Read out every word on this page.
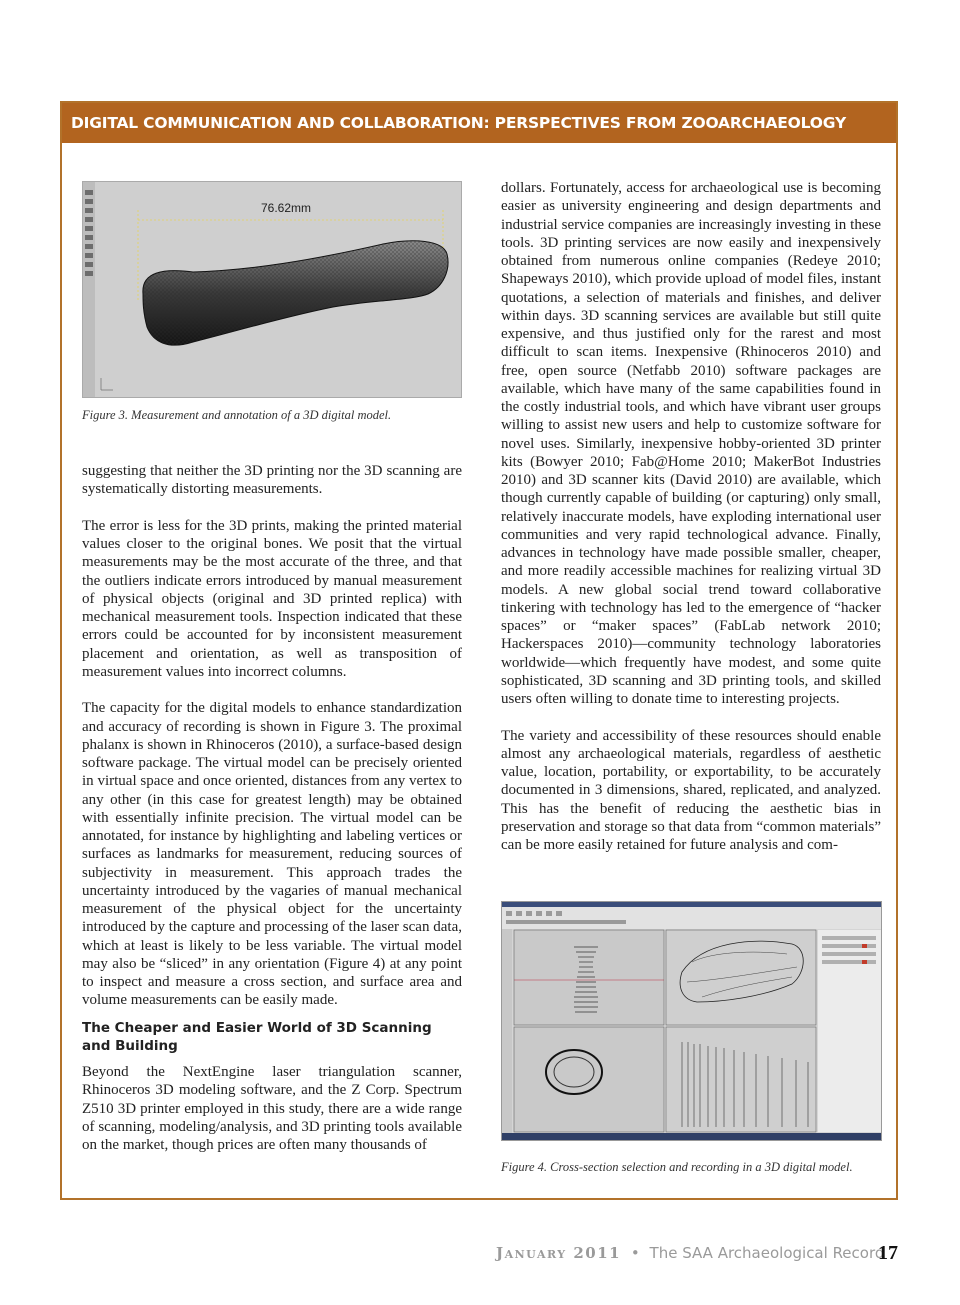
DIGITAL COMMUNICATION AND COLLABORATION: PERSPECTIVES FROM ZOOARCHAEOLOGY
76.62mm
Figure 3. Measurement and annotation of a 3D digital model.

suggesting that neither the 3D printing nor the 3D scanning are systematically distorting measurements.

The error is less for the 3D prints, making the printed material values closer to the original bones. We posit that the virtual measurements may be the most accurate of the three, and that the outliers indicate errors introduced by manual measurement of physical objects (original and 3D printed replica) with mechanical measurement tools. Inspection indicated that these errors could be accounted for by inconsistent measurement placement and orientation, as well as transposition of measurement values into incorrect columns.

The capacity for the digital models to enhance standardization and accuracy of recording is shown in Figure 3. The proximal phalanx is shown in Rhinoceros (2010), a surface-based design software package. The virtual model can be precisely oriented in virtual space and once oriented, distances from any vertex to any other (in this case for greatest length) may be obtained with essentially infinite precision. The virtual model can be annotated, for instance by highlighting and labeling vertices or surfaces as landmarks for measurement, reducing sources of subjectivity in measurement. This approach trades the uncertainty introduced by the vagaries of manual mechanical measurement of the physical object for the uncertainty introduced by the capture and processing of the laser scan data, which at least is likely to be less variable. The virtual model may also be “sliced” in any orientation (Figure 4) at any point to inspect and measure a cross section, and surface area and volume measurements can be easily made.

The Cheaper and Easier World of 3D Scanning and Building

Beyond the NextEngine laser triangulation scanner, Rhinoceros 3D modeling software, and the Z Corp. Spectrum Z510 3D printer employed in this study, there are a wide range of scanning, modeling/analysis, and 3D printing tools available on the market, though prices are often many thousands of

dollars. Fortunately, access for archaeological use is becoming easier as university engineering and design departments and industrial service companies are increasingly investing in these tools. 3D printing services are now easily and inexpensively obtained from numerous online companies (Redeye 2010; Shapeways 2010), which provide upload of model files, instant quotations, a selection of materials and finishes, and deliver within days. 3D scanning services are available but still quite expensive, and thus justified only for the rarest and most difficult to scan items. Inexpensive (Rhinoceros 2010) and free, open source (Netfabb 2010) software packages are available, which have many of the same capabilities found in the costly industrial tools, and which have vibrant user groups willing to assist new users and help to customize software for novel uses. Similarly, inexpensive hobby-oriented 3D printer kits (Bowyer 2010; Fab@Home 2010; MakerBot Industries 2010) and 3D scanner kits (David 2010) are available, which though currently capable of building (or capturing) only small, relatively inaccurate models, have exploding international user communities and very rapid technological advance. Finally, advances in technology have made possible smaller, cheaper, and more readily accessible machines for realizing virtual 3D models. A new global social trend toward collaborative tinkering with technology has led to the emergence of “hacker spaces” or “maker spaces” (FabLab network 2010; Hackerspaces 2010)—community technology laboratories worldwide—which frequently have modest, and some quite sophisticated, 3D scanning and 3D printing tools, and skilled users often willing to donate time to interesting projects.

The variety and accessibility of these resources should enable almost any archaeological materials, regardless of aesthetic value, location, portability, or exportability, to be accurately documented in 3 dimensions, shared, replicated, and analyzed. This has the benefit of reducing the aesthetic bias in preservation and storage so that data from “common materials” can be more easily retained for future analysis and com-

Figure 4. Cross-section selection and recording in a 3D digital model.
January 2011 • The SAA Archaeological Record
17
